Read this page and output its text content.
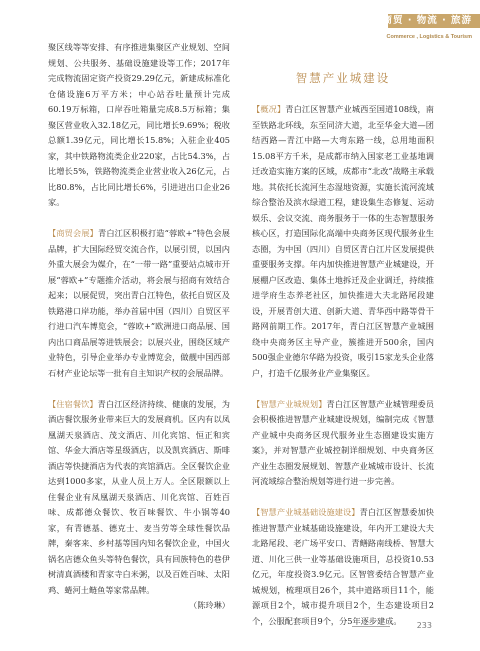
商贸 · 物流 · 旅游
Commerce , Logistics & Tourism

聚区线等等安排、有序推进集聚区产业规划、空间规划、公共服务、基础设施建设等工作；2017年完成物流固定资产投资29.29亿元，新建成标准化仓储设施6万平方米；中心站吞吐量预计完成60.19万标箱，口岸吞吐箱量完成8.5万标箱；集聚区营业收入32.18亿元，同比增长9.69%；税收总额1.39亿元，同比增长15.8%；入驻企业405家，其中铁路物流类企业220家，占比54.3%，占比增长5%，铁路物流类企业营业收入26亿元，占比80.8%，占比同比增长6%，引进进出口企业26家。

【商贸会展】青白江区积极打造“蓉欧+”特色会展品牌，扩大国际经贸交流合作，以展引贸，以国内外重大展会为媒介，在“一带一路”重要站点城市开展“蓉欧+”专题推介活动，将会展与招商有效结合起来；以展促贸，突出青白江特色，依托自贸区及铁路港口岸功能，举办首届中国（四川）自贸区平行进口汽车博览会，“蓉欧+”欧洲进口商品展、国内出口商品展等进铁展会；以展兴业，围绕区域产业特色，引导企业举办专业博览会，做靓中国西部石材产业论坛等一批有自主知识产权的会展品牌。

【住宿餐饮】青白江区经济持续、健康的发展，为酒店餐饮服务业带来巨大的发展商机。区内有以凤凰湖天泉酒店、茂文酒店、川化宾馆、恒正和宾馆、华金大酒店等星级酒店，以及凯宾酒店、斯啡酒店等快捷酒店为代表的宾馆酒店。全区餐饮企业达到1000多家，从业人员上万人。全区限额以上住餐企业有凤凰湖天泉酒店、川化宾馆、百姓百味、成都德众餐饮、牧百味餐饮、牛小锅等40家，有青德基、德克士、麦当劳等全球性餐饮品牌，秦客来、乡村基等国内知名餐饮企业，中国火锅名店德众鱼头等特色餐饮，具有回族特色的巷伊树清真酒楼和青家寺白米粥，以及百姓百味、太阳鸡、蜷河土鲢鱼等家常品牌。

（陈玲琳）

智慧产业城建设

【概况】青白江区智慧产业城西至国道108线，南至铁路北环线，东至同济大道，北至华金大道—团结西路—青江中路—大弯东路一线，总用地面积15.08平方千米，是成都市纳入国家老工业基地调迁改造实施方案的区域，成都市“北改”战略主承载地。其依托长流河生态湿地资源，实施长流河流域综合整治及滨水绿道工程，建设集生态修复、运动娱乐、会议交流、商务服务于一体的生态智慧服务核心区，打造国际化高端中央商务区现代服务业生态圈，为中国（四川）自贸区青白江片区发展提供重要服务支撑。年内加快推进智慧产业城建设，开展棚户区改造、集体土地拆迁及企业调迁，持续推进学府生态养老社区，加快推进大夫北路尾段建设，开展青创大道、创新大道、青华西中路等骨干路网前期工作。2017年，青白江区智慧产业城围绕中央商务区主导产业，簇推进开500余，国内500强企业德尔华路为投资，吸引15家龙头企业落户，打造千亿服务业产业集聚区。

【智慧产业城规划】青白江区智慧产业城管理委员会积极推进智慧产业城建设规划，编制完成《智慧产业城中央商务区现代服务业生态圈建设实施方案》，并对智慧产业城控制详细规划、中央商务区产业生态圈发展规划、智慧产业城城市设计、长流河流域综合整治规划等进行进一步完善。

【智慧产业城基础设施建设】青白江区智慧委加快推进智慧产业城基础设施建设，年内开工建设大夫北路尾段、老广场平安口、青鳝路南线桥、智慧大道、川化三供一业等基础设施项目，总投资10.53亿元，年度投资3.9亿元。区智管委结合智慧产业城规划，梳理项目26个，其中道路项目11个，能源项目2个，城市提升项目2个，生态建设项目2个，公服配套项目9个，分5年逐步建成。	233
